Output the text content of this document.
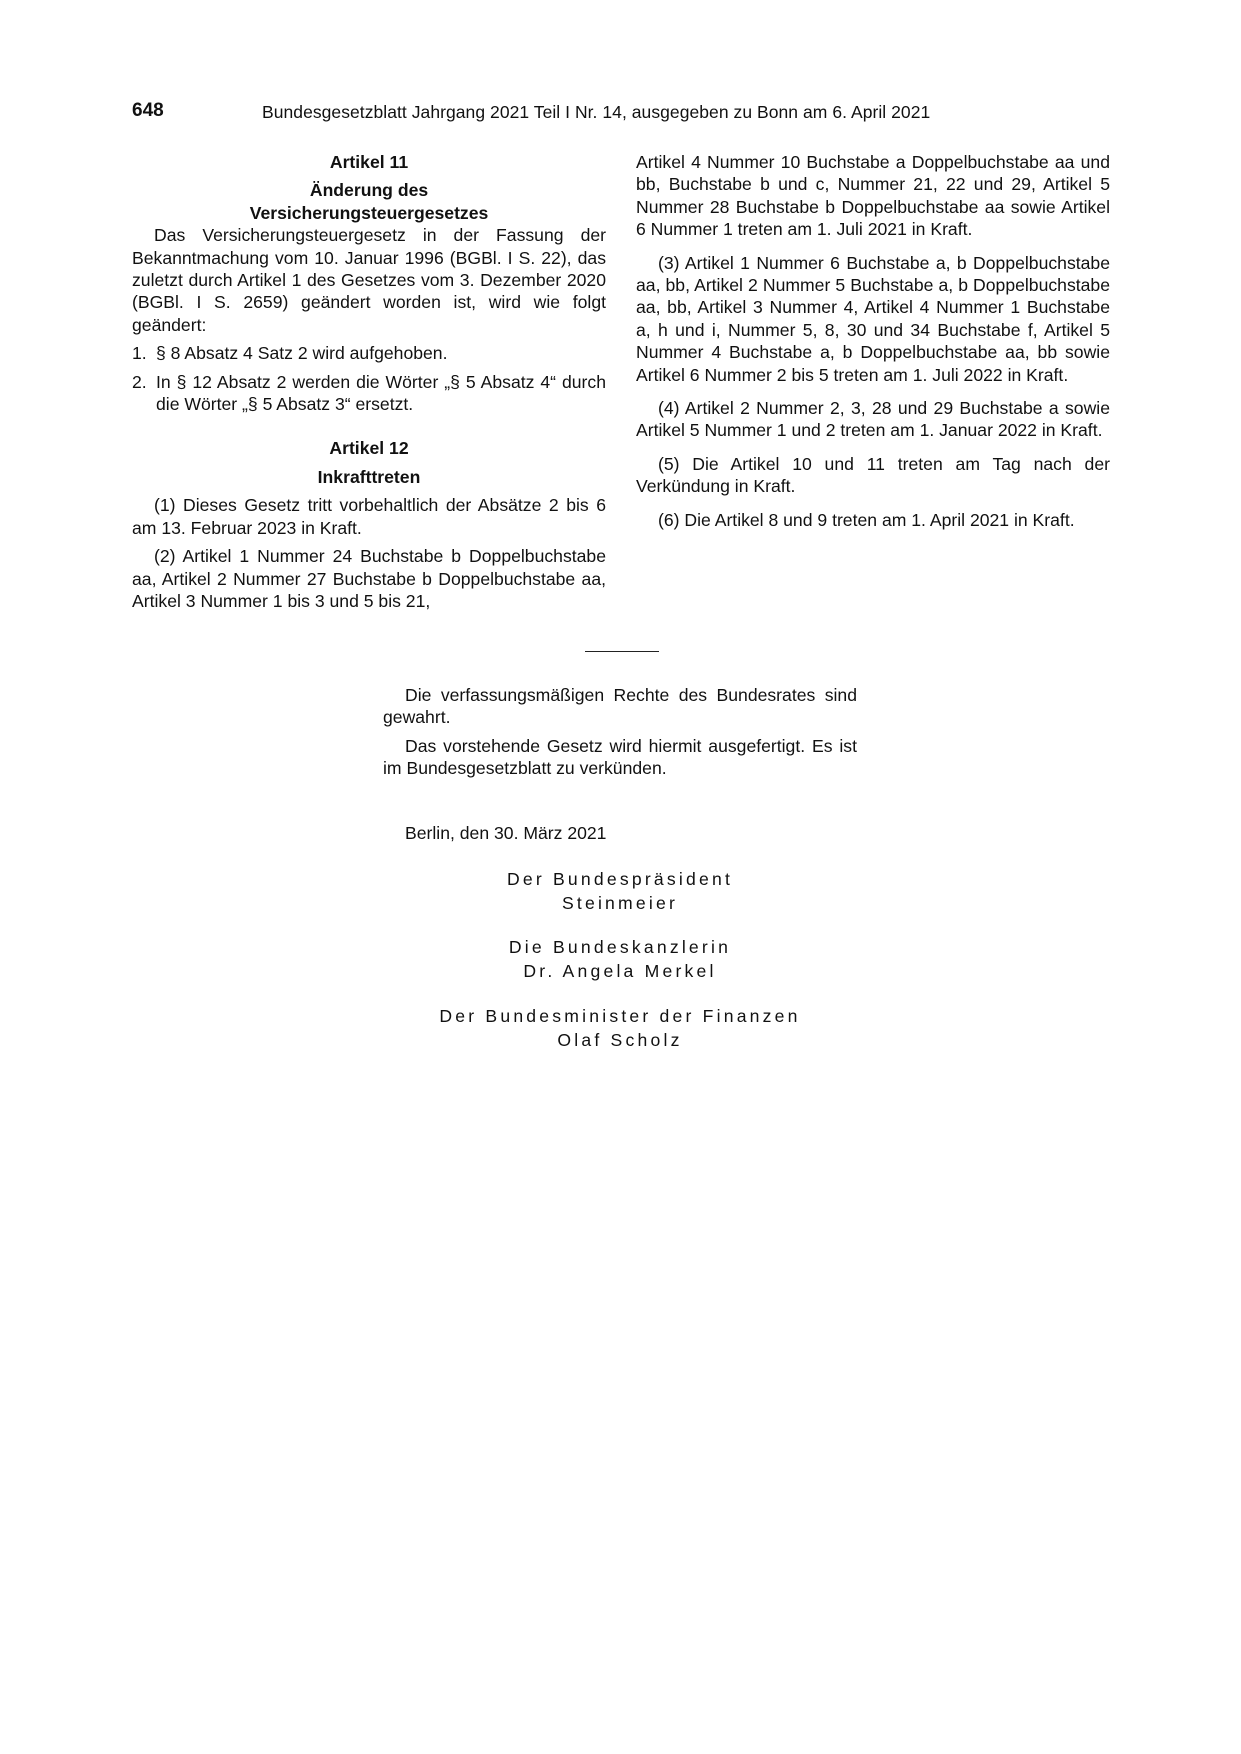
648	Bundesgesetzblatt Jahrgang 2021 Teil I Nr. 14, ausgegeben zu Bonn am 6. April 2021

Artikel 11

Änderung des

Versicherungsteuergesetzes

Das Versicherungsteuergesetz in der Fassung der Bekanntmachung vom 10. Januar 1996 (BGBl. I S. 22), das zuletzt durch Artikel 1 des Gesetzes vom 3. Dezember 2020 (BGBl. I S. 2659) geändert worden ist, wird wie folgt geändert:

1. § 8 Absatz 4 Satz 2 wird aufgehoben.
2. In § 12 Absatz 2 werden die Wörter „§ 5 Absatz 4“ durch die Wörter „§ 5 Absatz 3“ ersetzt.

Artikel 12

Inkrafttreten

(1) Dieses Gesetz tritt vorbehaltlich der Absätze 2 bis 6 am 13. Februar 2023 in Kraft.

(2) Artikel 1 Nummer 24 Buchstabe b Doppelbuchstabe aa, Artikel 2 Nummer 27 Buchstabe b Doppelbuchstabe aa, Artikel 3 Nummer 1 bis 3 und 5 bis 21,

Artikel 4 Nummer 10 Buchstabe a Doppelbuchstabe aa und bb, Buchstabe b und c, Nummer 21, 22 und 29, Artikel 5 Nummer 28 Buchstabe b Doppelbuchstabe aa sowie Artikel 6 Nummer 1 treten am 1. Juli 2021 in Kraft.

(3) Artikel 1 Nummer 6 Buchstabe a, b Doppelbuchstabe aa, bb, Artikel 2 Nummer 5 Buchstabe a, b Doppelbuchstabe aa, bb, Artikel 3 Nummer 4, Artikel 4 Nummer 1 Buchstabe a, h und i, Nummer 5, 8, 30 und 34 Buchstabe f, Artikel 5 Nummer 4 Buchstabe a, b Doppelbuchstabe aa, bb sowie Artikel 6 Nummer 2 bis 5 treten am 1. Juli 2022 in Kraft.

(4) Artikel 2 Nummer 2, 3, 28 und 29 Buchstabe a sowie Artikel 5 Nummer 1 und 2 treten am 1. Januar 2022 in Kraft.

(5) Die Artikel 10 und 11 treten am Tag nach der Verkündung in Kraft.

(6) Die Artikel 8 und 9 treten am 1. April 2021 in Kraft.

Die verfassungsmäßigen Rechte des Bundesrates sind gewahrt.

Das vorstehende Gesetz wird hiermit ausgefertigt. Es ist im Bundesgesetzblatt zu verkünden.

Berlin, den 30. März 2021
Der Bundespräsident
Steinmeier
Die Bundeskanzlerin
Dr. Angela Merkel
Der Bundesminister der Finanzen
Olaf Scholz
